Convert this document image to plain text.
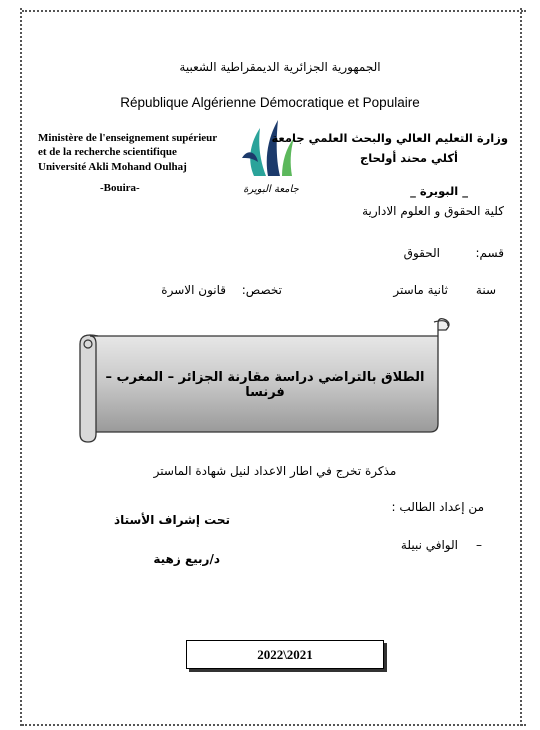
الجمهورية الجزائرية الديمقراطية الشعبية
République Algérienne Démocratique et Populaire
Ministère de l'enseignement supérieur
et de la recherche scientifique
Université Akli Mohand Oulhaj
-Bouira-	جامعة البويرة
وزارة التعليم العالي والبحث العلمي جامعة
أكلي محند أولحاج
_ البويرة _
كلية الحقوق و العلوم الادارية
قسم:
الحقوق
سنة
ثانية ماستر
تخصص:
قانون الاسرة
الطلاق بالتراضي دراسة مقارنة الجزائر – المغرب – فرنسا
مذكرة تخرج في اطار الاعداد لنيل شهادة الماستر
من إعداد الطالب :
–
الوافي نبيلة
تحت إشراف الأستاذ
د/ربيع زهية
2022\2021
